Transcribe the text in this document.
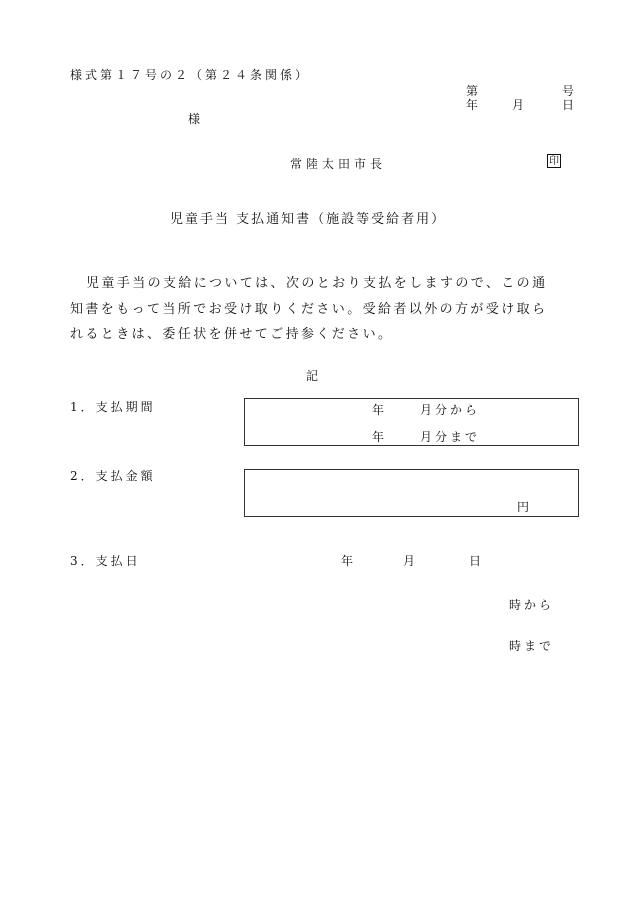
様式第１７号の２（第２４条関係）
第	号
年	月	日
様
常陸太田市長	印
児童手当 支払通知書（施設等受給者用）
児童手当の支給については、次のとおり支払をしますので、この通
知書をもって当所でお受け取りください。受給者以外の方が受け取ら
れるときは、委任状を併せてご持参ください。
記
1．支払期間	年	月分から
年	月分まで
2．支払金額
円
3．支払日	年	月	日
時から
時まで
